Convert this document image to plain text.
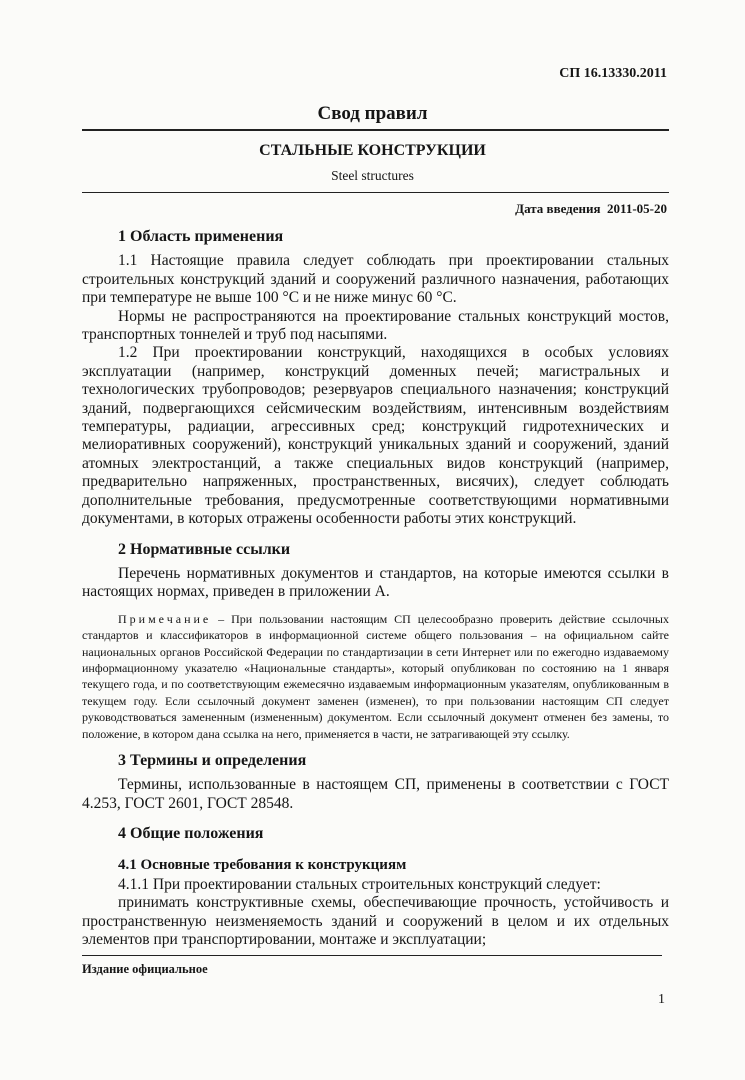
СП 16.13330.2011
Свод правил
СТАЛЬНЫЕ КОНСТРУКЦИИ
Steel structures
Дата введения 2011-05-20
1 Область применения

1.1 Настоящие правила следует соблюдать при проектировании стальных строительных конструкций зданий и сооружений различного назначения, работающих при температуре не выше 100 °С и не ниже минус 60 °С.

Нормы не распространяются на проектирование стальных конструкций мостов, транспортных тоннелей и труб под насыпями.

1.2 При проектировании конструкций, находящихся в особых условиях эксплуатации (например, конструкций доменных печей; магистральных и технологических трубопроводов; резервуаров специального назначения; конструкций зданий, подвергающихся сейсмическим воздействиям, интенсивным воздействиям температуры, радиации, агрессивных сред; конструкций гидротехнических и мелиоративных сооружений), конструкций уникальных зданий и сооружений, зданий атомных электростанций, а также специальных видов конструкций (например, предварительно напряженных, пространственных, висячих), следует соблюдать дополнительные требования, предусмотренные соответствующими нормативными документами, в которых отражены особенности работы этих конструкций.

2 Нормативные ссылки

Перечень нормативных документов и стандартов, на которые имеются ссылки в настоящих нормах, приведен в приложении А.

Примечание – При пользовании настоящим СП целесообразно проверить действие ссылочных стандартов и классификаторов в информационной системе общего пользования – на официальном сайте национальных органов Российской Федерации по стандартизации в сети Интернет или по ежегодно издаваемому информационному указателю «Национальные стандарты», который опубликован по состоянию на 1 января текущего года, и по соответствующим ежемесячно издаваемым информационным указателям, опубликованным в текущем году. Если ссылочный документ заменен (изменен), то при пользовании настоящим СП следует руководствоваться замененным (измененным) документом. Если ссылочный документ отменен без замены, то положение, в котором дана ссылка на него, применяется в части, не затрагивающей эту ссылку.
3 Термины и определения

Термины, использованные в настоящем СП, применены в соответствии с ГОСТ 4.253, ГОСТ 2601, ГОСТ 28548.

4 Общие положения
4.1 Основные требования к конструкциям

4.1.1 При проектировании стальных строительных конструкций следует:

принимать конструктивные схемы, обеспечивающие прочность, устойчивость и пространственную неизменяемость зданий и сооружений в целом и их отдельных элементов при транспортировании, монтаже и эксплуатации;

Издание официальное
1
